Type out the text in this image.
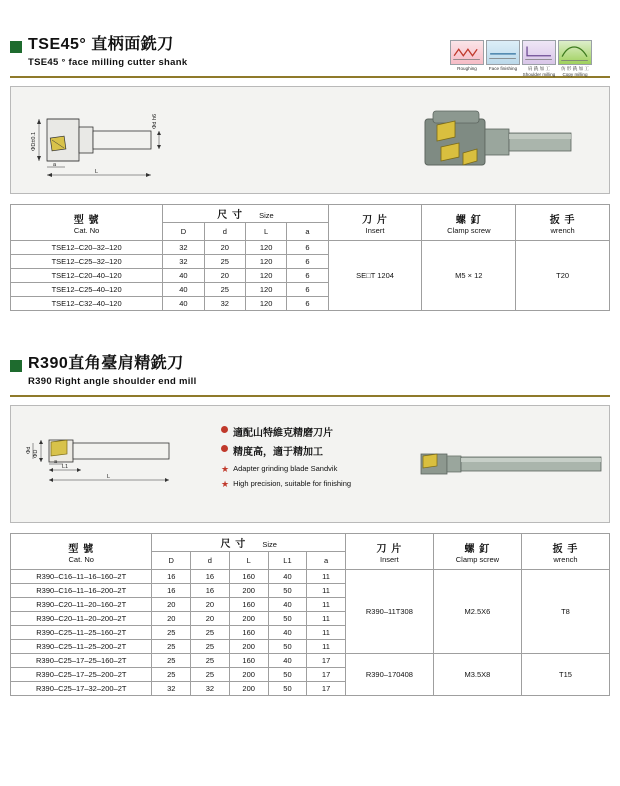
TSE45° 直柄面銑刀
TSE45 ° face milling cutter shank
Roughing	Face finishing	肩 銑 加 工 Shoulder milling
仿 形 銑 加 工 Copy milling
ΦD±0.1
Φd h6
L
a
型 號
Cat. No
	尺 寸 Size	刀 片
Insert

螺 釘
Clamp screw

扳 手
wrench

	D	d	L	a			
TSE12–C20–32–120	32	20	120	6	SE□T 1204	M5 × 12	T20
TSE12–C25–32–120	32	25	120	6			
TSE12–C20–40–120	40	20	120	6			
TSE12–C25–40–120	40	25	120	6			
TSE12–C32–40–120	40	32	120	6			
R390直角臺肩精銑刀
R390 Right angle shoulder end mill
ΦD
Φd
L1
L
a
適配山特維克精磨刀片
精度高，適于精加工
★ Adapter grinding blade Sandvik
★ High precision, suitable for finishing
型 號
Cat. No
	尺 寸 Size	刀 片
Insert

螺 釘
Clamp screw

扳 手
wrench

	D	d	L	L1	a			
R390–C16–11–16–160–2T	16	16	160	40	11	R390–11T308	M2.5X6	T8
R390–C16–11–16–200–2T	16	16	200	50	11			
R390–C20–11–20–160–2T	20	20	160	40	11			
R390–C20–11–20–200–2T	20	20	200	50	11			
R390–C25–11–25–160–2T	25	25	160	40	11			
R390–C25–11–25–200–2T	25	25	200	50	11			
R390–C25–17–25–160–2T	25	25	160	40	17	R390–170408	M3.5X8	T15
R390–C25–17–25–200–2T	25	25	200	50	17			
R390–C25–17–32–200–2T	32	32	200	50	17			
